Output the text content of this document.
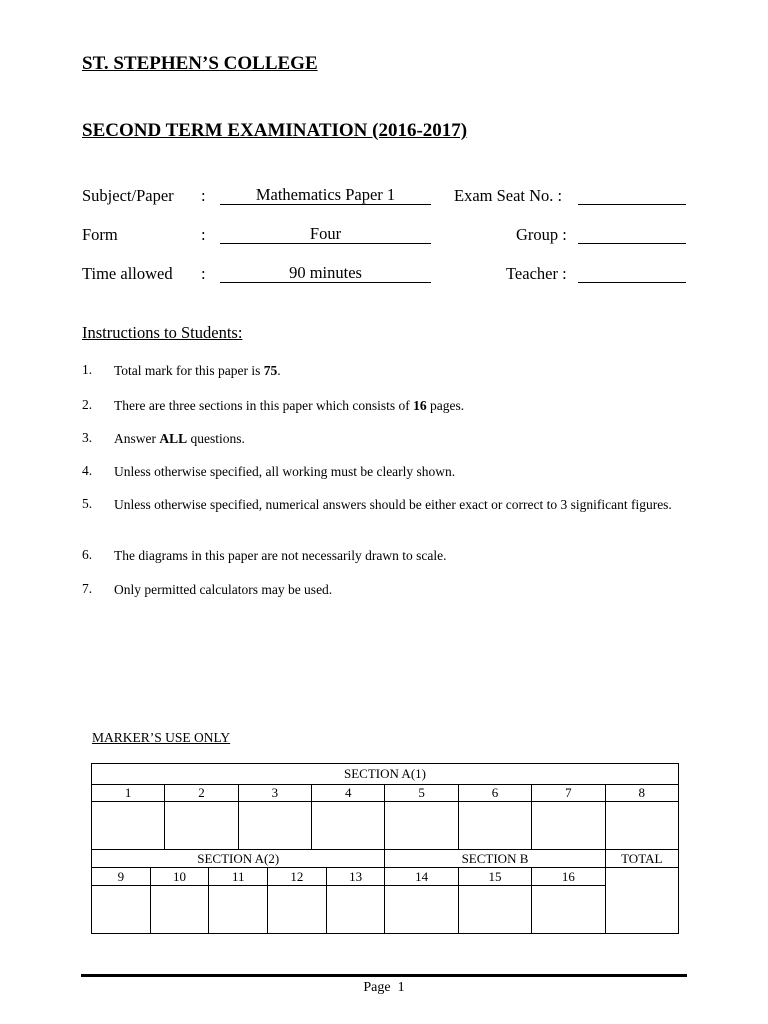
ST. STEPHEN’S COLLEGE
SECOND TERM EXAMINATION (2016-2017)
Subject/Paper :	Mathematics Paper 1	Exam Seat No. :
Form	:	Four	Group :
Time allowed :	90 minutes	Teacher :
Instructions to Students:
1. Total mark for this paper is 75.
2. There are three sections in this paper which consists of 16 pages.
3. Answer ALL questions.
4. Unless otherwise specified, all working must be clearly shown.
5. Unless otherwise specified, numerical answers should be either exact or correct to 3 significant figures.
6. The diagrams in this paper are not necessarily drawn to scale.
7. Only permitted calculators may be used.
MARKER’S USE ONLY
SECTION A(1)											
1		2		3		4		5	6	7	8

SECTION A(2)								SECTION B			TOTAL
9	10		11		12		13	14	15	16	

Page 1
